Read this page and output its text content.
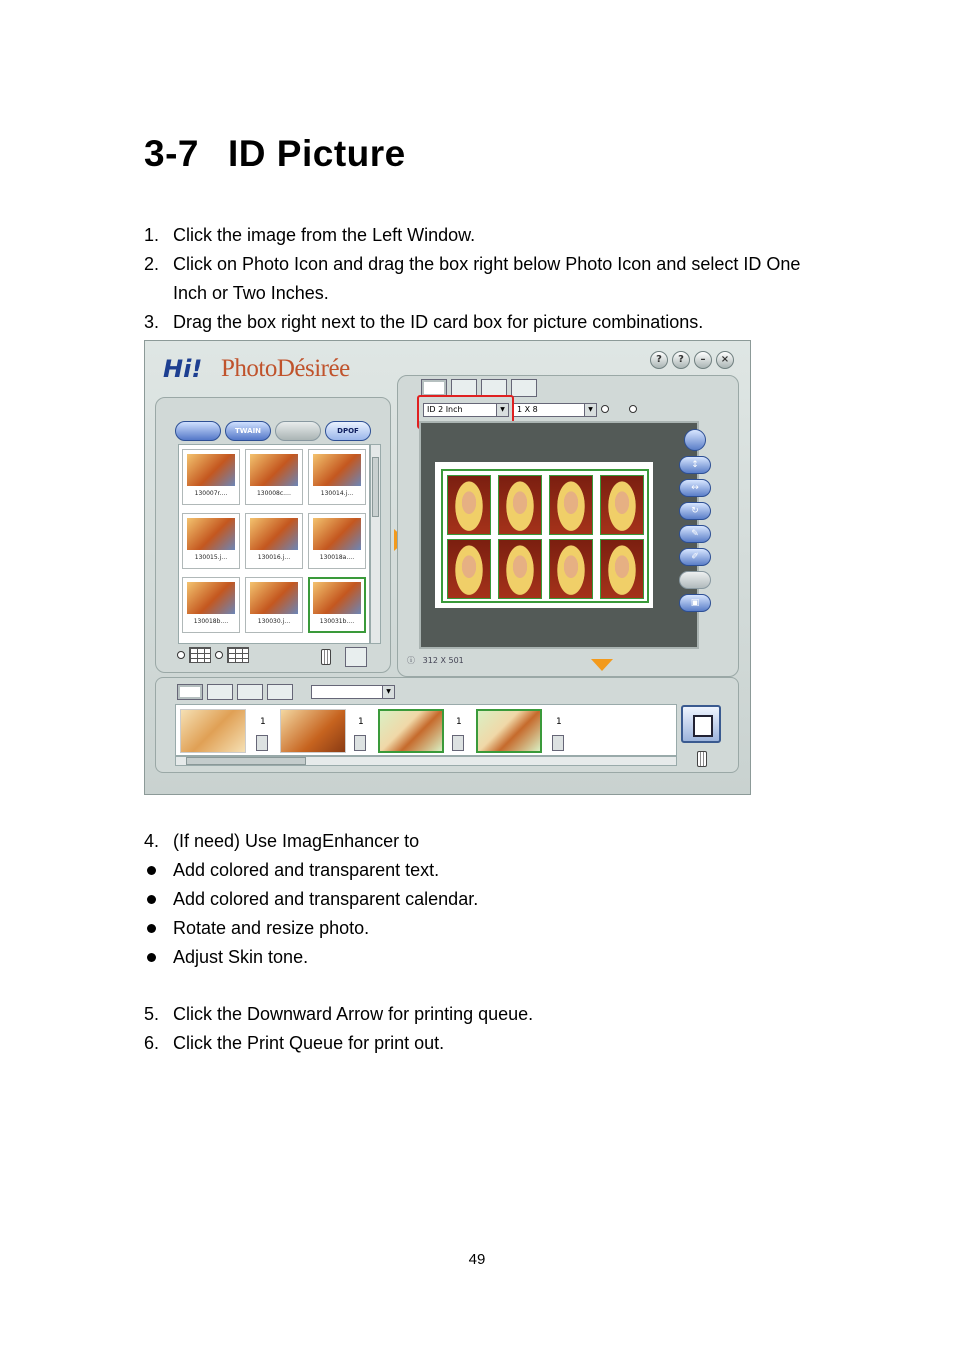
3-7 ID Picture
1. Click the image from the Left Window.
2. Click on Photo Icon and drag the box right below Photo Icon and select ID One Inch or Two Inches.
3. Drag the box right next to the ID card box for picture combinations.
Hi! PhotoDésirée	?	?	–	×
TWAIN	DPOF
130007r.…	130008c.…	130014.j…
130015.j…	130016.j…	130018a.…
130018b.…	130030.j…	130031b.…
ID 2 Inch	▼	1 X 8	▼
ⓘ   312 X 501
↕
↔
↻
✎
✐
▣
▼
1	1	1	1
4. (If need) Use ImagEnhancer to
Add colored and transparent text.
Add colored and transparent calendar.
Rotate and resize photo.
Adjust Skin tone.
5. Click the Downward Arrow for printing queue.
6. Click the Print Queue for print out.
49
